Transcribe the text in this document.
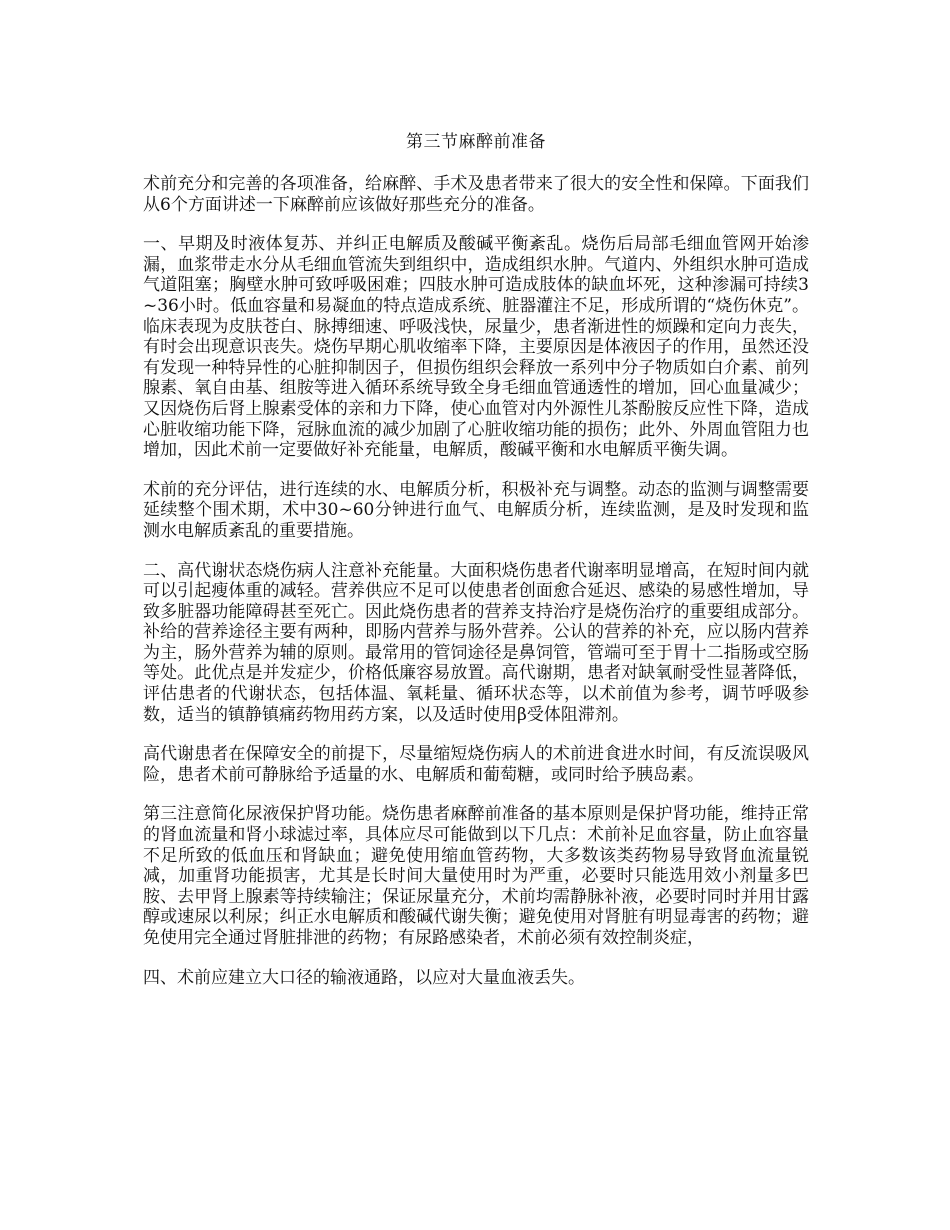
第三节麻醉前准备

术前充分和完善的各项准备，给麻醉、手术及患者带来了很大的安全性和保障。下面我们从6个方面讲述一下麻醉前应该做好那些充分的准备。

一、早期及时液体复苏、并纠正电解质及酸碱平衡紊乱。烧伤后局部毛细血管网开始渗漏，血浆带走水分从毛细血管流失到组织中，造成组织水肿。气道内、外组织水肿可造成气道阻塞；胸壁水肿可致呼吸困难；四肢水肿可造成肢体的缺血坏死，这种渗漏可持续3~36小时。低血容量和易凝血的特点造成系统、脏器灌注不足，形成所谓的“烧伤休克”。临床表现为皮肤苍白、脉搏细速、呼吸浅快，尿量少，患者渐进性的烦躁和定向力丧失，有时会出现意识丧失。烧伤早期心肌收缩率下降，主要原因是体液因子的作用，虽然还没有发现一种特异性的心脏抑制因子，但损伤组织会释放一系列中分子物质如白介素、前列腺素、氧自由基、组胺等进入循环系统导致全身毛细血管通透性的增加，回心血量减少；又因烧伤后肾上腺素受体的亲和力下降，使心血管对内外源性儿茶酚胺反应性下降，造成心脏收缩功能下降，冠脉血流的减少加剧了心脏收缩功能的损伤；此外、外周血管阻力也增加，因此术前一定要做好补充能量，电解质，酸碱平衡和水电解质平衡失调。

术前的充分评估，进行连续的水、电解质分析，积极补充与调整。动态的监测与调整需要延续整个围术期，术中30~60分钟进行血气、电解质分析，连续监测，是及时发现和监测水电解质紊乱的重要措施。

二、高代谢状态烧伤病人注意补充能量。大面积烧伤患者代谢率明显增高，在短时间内就可以引起瘦体重的减轻。营养供应不足可以使患者创面愈合延迟、感染的易感性增加，导致多脏器功能障碍甚至死亡。因此烧伤患者的营养支持治疗是烧伤治疗的重要组成部分。补给的营养途径主要有两种，即肠内营养与肠外营养。公认的营养的补充，应以肠内营养为主，肠外营养为辅的原则。最常用的管饲途径是鼻饲管，管端可至于胃十二指肠或空肠等处。此优点是并发症少，价格低廉容易放置。高代谢期，患者对缺氧耐受性显著降低，评估患者的代谢状态，包括体温、氧耗量、循环状态等，以术前值为参考，调节呼吸参数，适当的镇静镇痛药物用药方案，以及适时使用β受体阻滞剂。

高代谢患者在保障安全的前提下，尽量缩短烧伤病人的术前进食进水时间，有反流误吸风险，患者术前可静脉给予适量的水、电解质和葡萄糖，或同时给予胰岛素。

第三注意简化尿液保护肾功能。烧伤患者麻醉前准备的基本原则是保护肾功能，维持正常的肾血流量和肾小球滤过率，具体应尽可能做到以下几点：术前补足血容量，防止血容量不足所致的低血压和肾缺血；避免使用缩血管药物，大多数该类药物易导致肾血流量锐减，加重肾功能损害，尤其是长时间大量使用时为严重，必要时只能选用效小剂量多巴胺、去甲肾上腺素等持续输注；保证尿量充分，术前均需静脉补液，必要时同时并用甘露醇或速尿以利尿；纠正水电解质和酸碱代谢失衡；避免使用对肾脏有明显毒害的药物；避免使用完全通过肾脏排泄的药物；有尿路感染者，术前必须有效控制炎症，

四、术前应建立大口径的输液通路，以应对大量血液丢失。
